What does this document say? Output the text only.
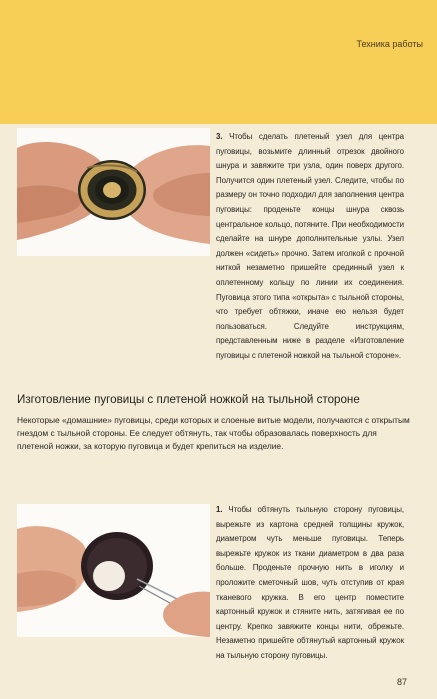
Техника работы
3. Чтобы сделать плетеный узел для центра пуговицы, возьмите длинный отрезок двойного шнура и завяжите три узла, один поверх другого. Получится один плетеный узел. Следите, чтобы по размеру он точно подходил для заполнения центра пуговицы: проденьте концы шнура сквозь центральное кольцо, потяните. При необходимости сделайте на шнуре дополнительные узлы. Узел должен «сидеть» прочно. Затем иголкой с прочной ниткой незаметно пришейте срединный узел к оплетенному кольцу по линии их соединения. Пуговица этого типа «открыта» с тыльной стороны, что требует обтяжки, иначе ею нельзя будет пользоваться. Следуйте инструкциям, представленным ниже в разделе «Изготовление пуговицы с плетеной ножкой на тыльной стороне».
Изготовление пуговицы с плетеной ножкой на тыльной стороне

Некоторые «домашние» пуговицы, среди которых и слоеные витые модели, получаются с открытым гнездом с тыльной стороны. Ее следует обтянуть, так чтобы образовалась поверхность для плетеной ножки, за которую пуговица и будет крепиться на изделие.

1. Чтобы обтянуть тыльную сторону пуговицы, вырежьте из картона средней толщины кружок, диаметром чуть меньше пуговицы. Теперь вырежьте кружок из ткани диаметром в два раза больше. Проденьте прочную нить в иголку и проложите сметочный шов, чуть отступив от края тканевого кружка. В его центр поместите картонный кружок и стяните нить, затягивая ее по центру. Крепко завяжите концы нити, обрежьте. Незаметно пришейте обтянутый картонный кружок на тыльную сторону пуговицы.
87
